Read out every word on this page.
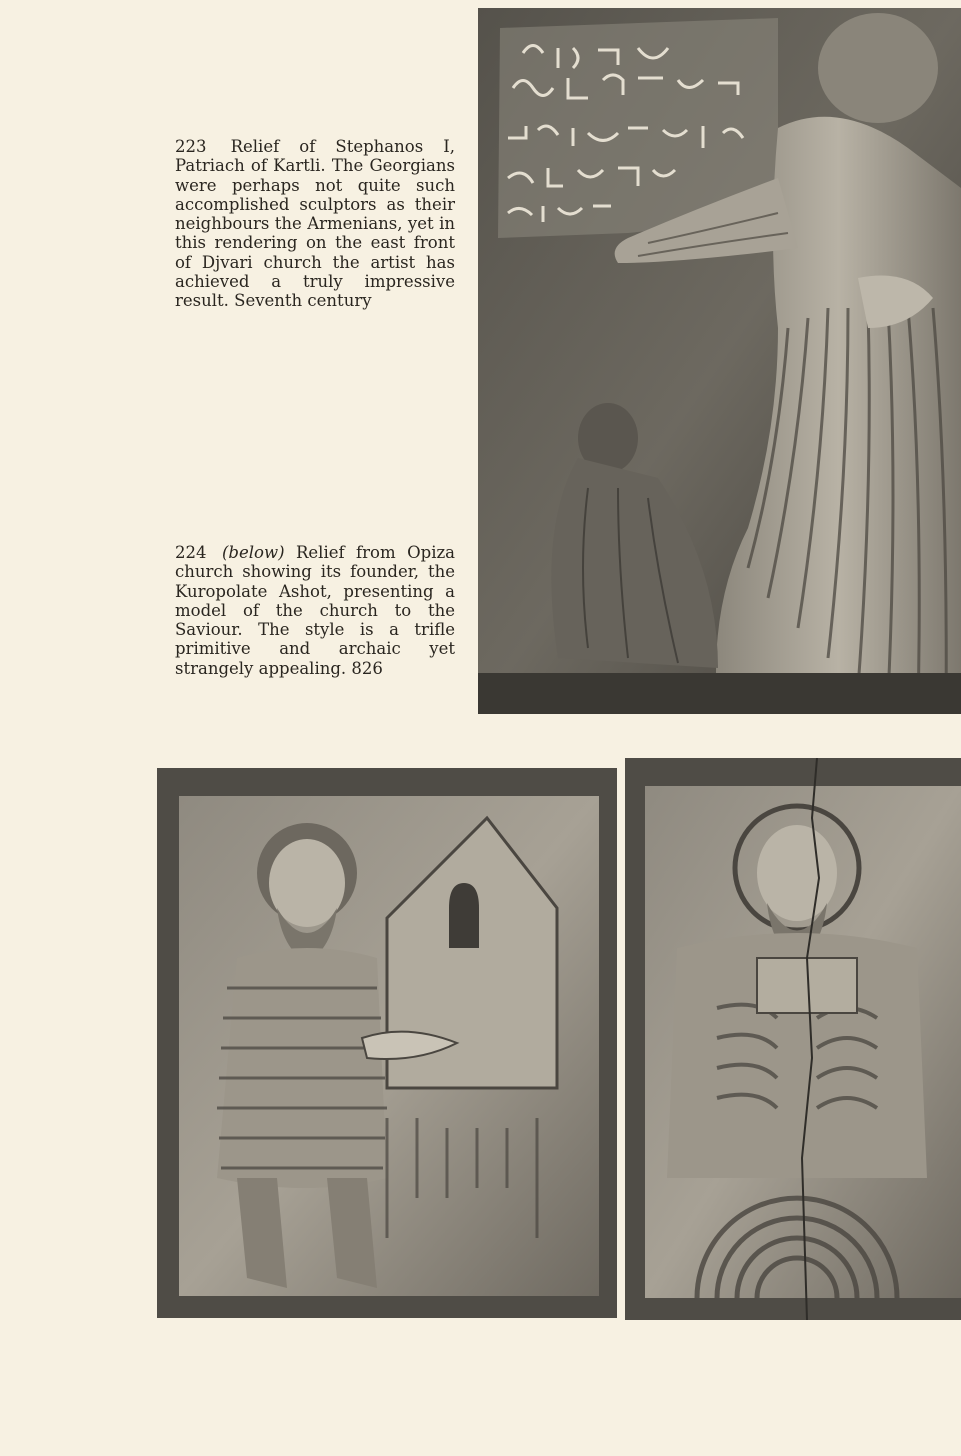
223 Relief of Stephanos I, Patriach of Kartli. The Georgians were perhaps not quite such accomplished sculptors as their neighbours the Armenians, yet in this rendering on the east front of Djvari church the artist has achieved a truly impressive result. Seventh century
224 (below) Relief from Opiza church showing its founder, the Kuropolate Ashot, presenting a model of the church to the Saviour. The style is a trifle primitive and archaic yet strangely appealing. 826
